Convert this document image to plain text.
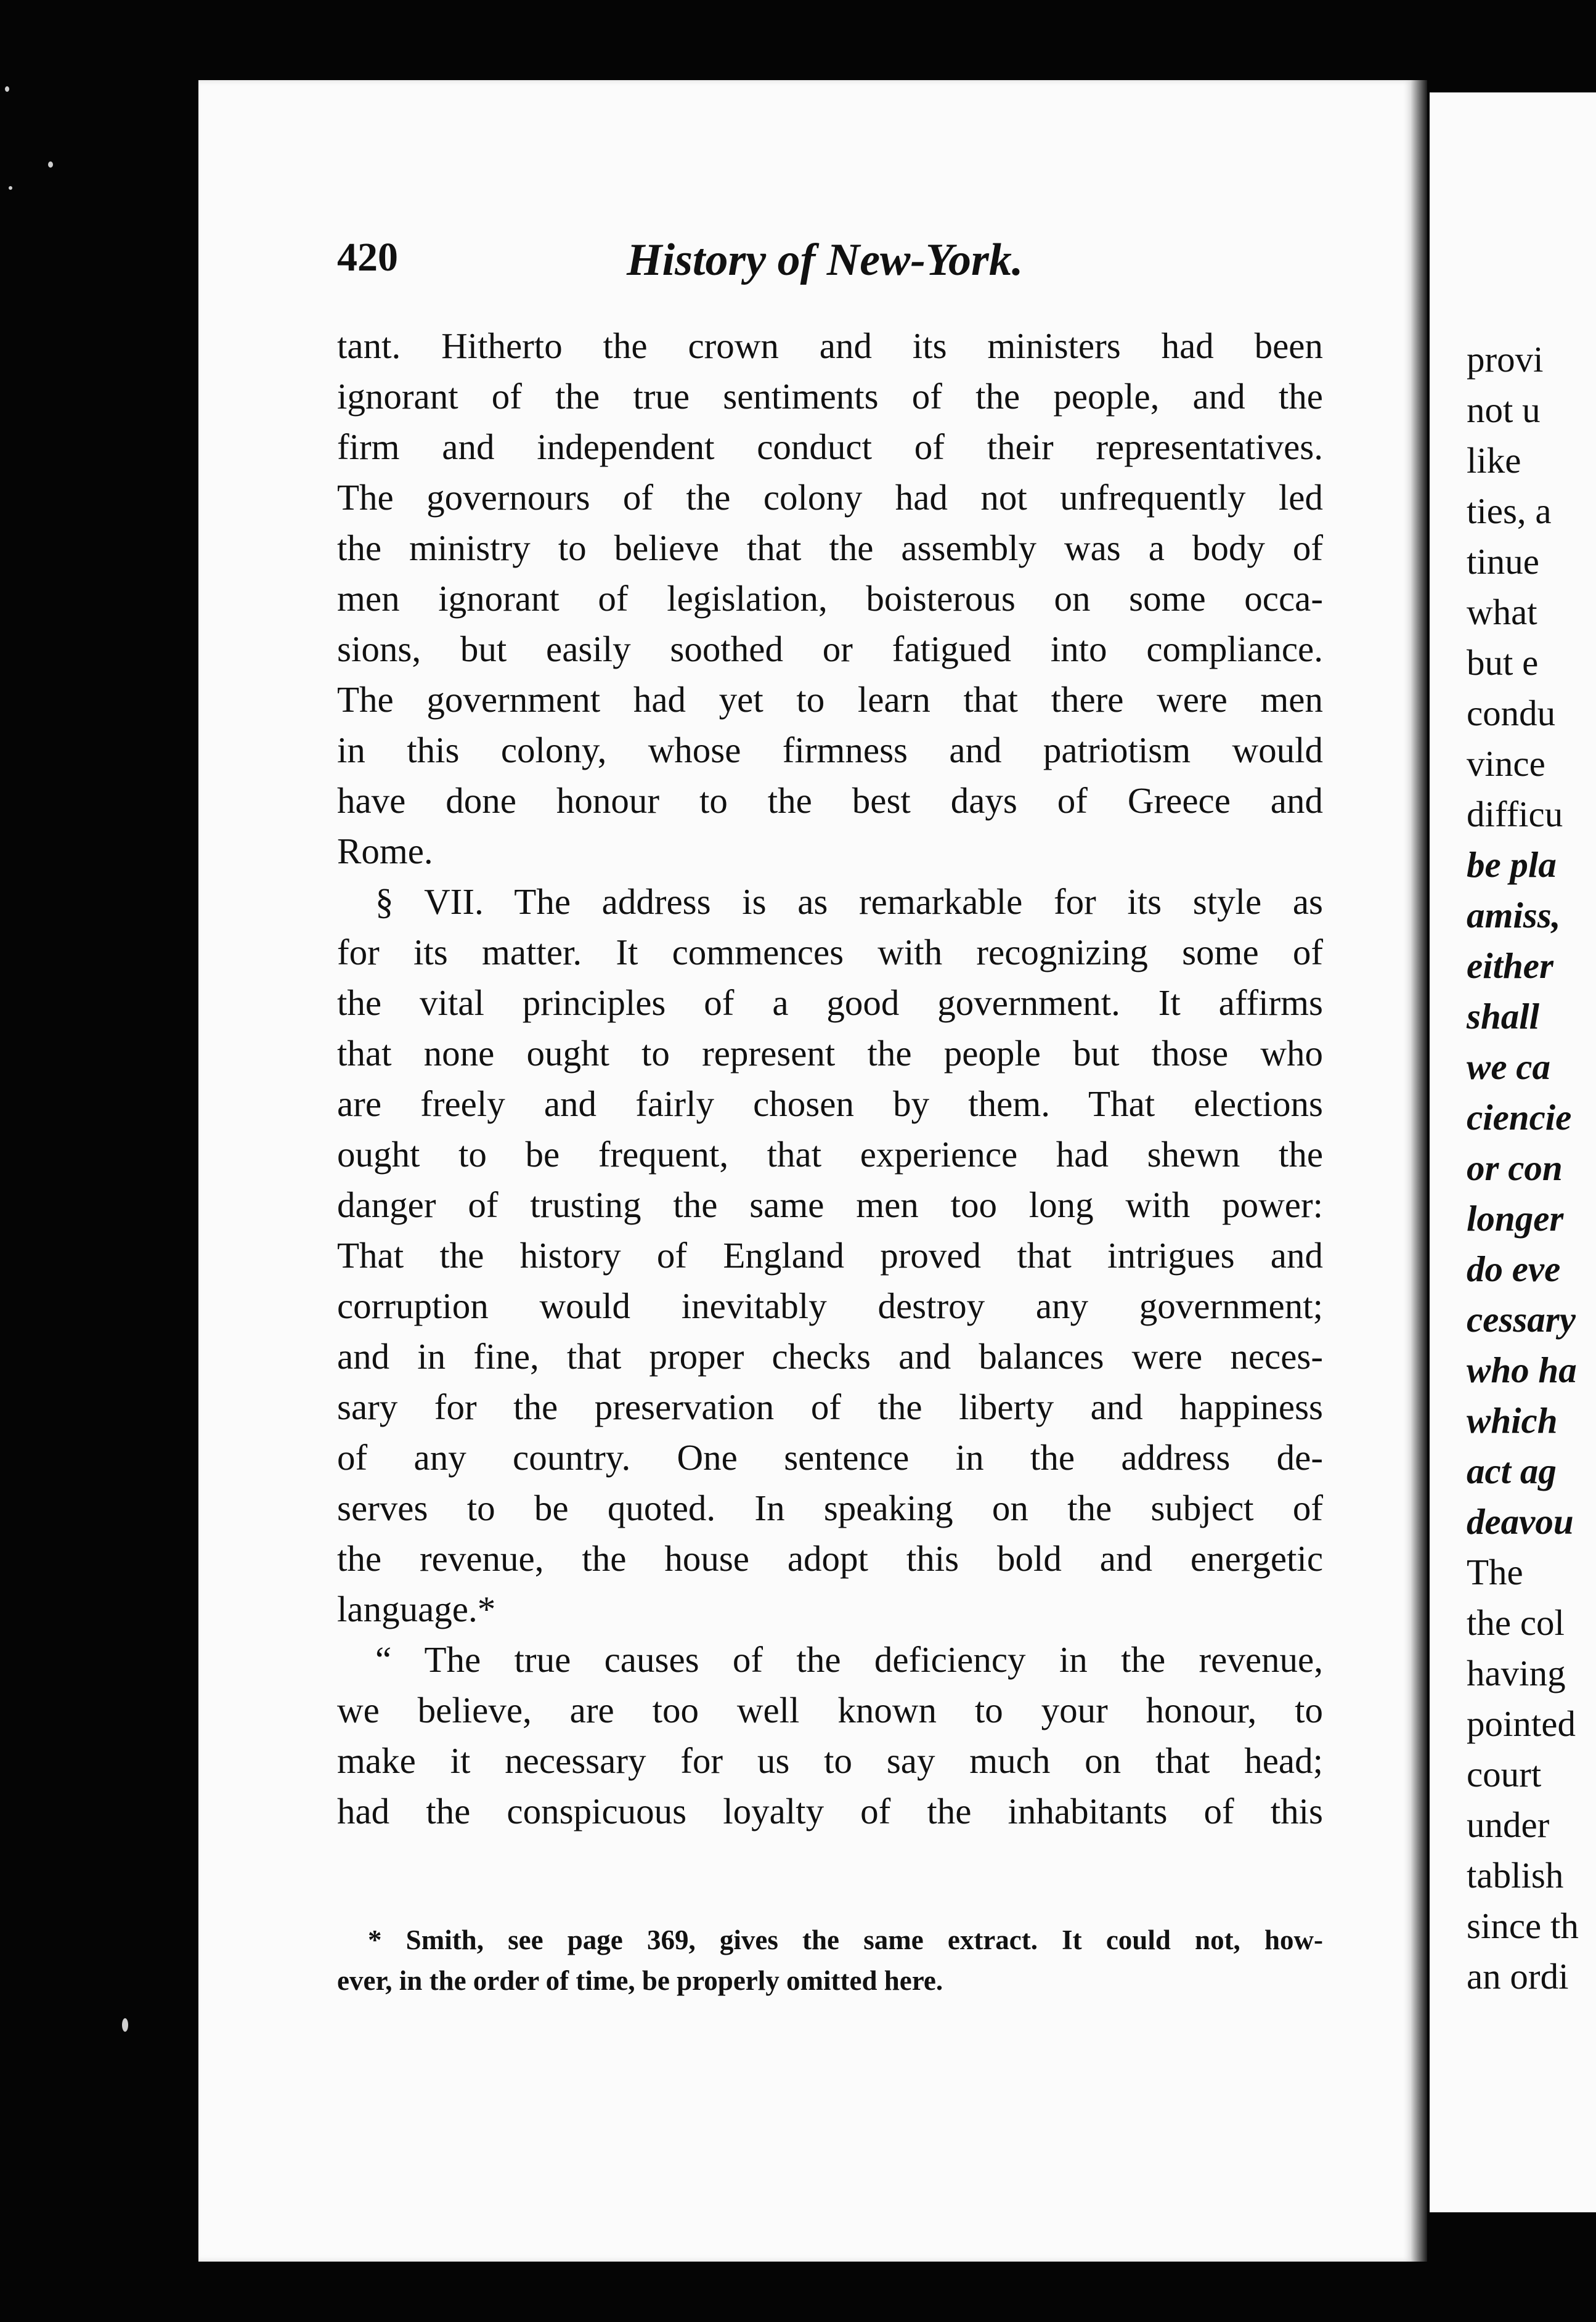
420	History of New-York.
tant. Hitherto the crown and its ministers had been
ignorant of the true sentiments of the people, and the
firm and independent conduct of their representatives.
The governours of the colony had not unfrequently led
the ministry to believe that the assembly was a body of
men ignorant of legislation, boisterous on some occa-
sions, but easily soothed or fatigued into compliance.
The government had yet to learn that there were men
in this colony, whose firmness and patriotism would
have done honour to the best days of Greece and
Rome.
§ VII. The address is as remarkable for its style as
for its matter. It commences with recognizing some of
the vital principles of a good government. It affirms
that none ought to represent the people but those who
are freely and fairly chosen by them. That elections
ought to be frequent, that experience had shewn the
danger of trusting the same men too long with power:
That the history of England proved that intrigues and
corruption would inevitably destroy any government;
and in fine, that proper checks and balances were neces-
sary for the preservation of the liberty and happiness
of any country. One sentence in the address de-
serves to be quoted. In speaking on the subject of
the revenue, the house adopt this bold and energetic
language.*
“ The true causes of the deficiency in the revenue,
we believe, are too well known to your honour, to
make it necessary for us to say much on that head;
had the conspicuous loyalty of the inhabitants of this
* Smith, see page 369, gives the same extract. It could not, how-
ever, in the order of time, be properly omitted here.
provi
not u
like
ties, a
tinue
what
but e
condu
vince
difficu
be pla
amiss,
either
shall
we ca
ciencie
or con
longer
do eve
cessary
who ha
which
act ag
deavou
The
the col
having
pointed
court
under
tablish
since th
an ordi
